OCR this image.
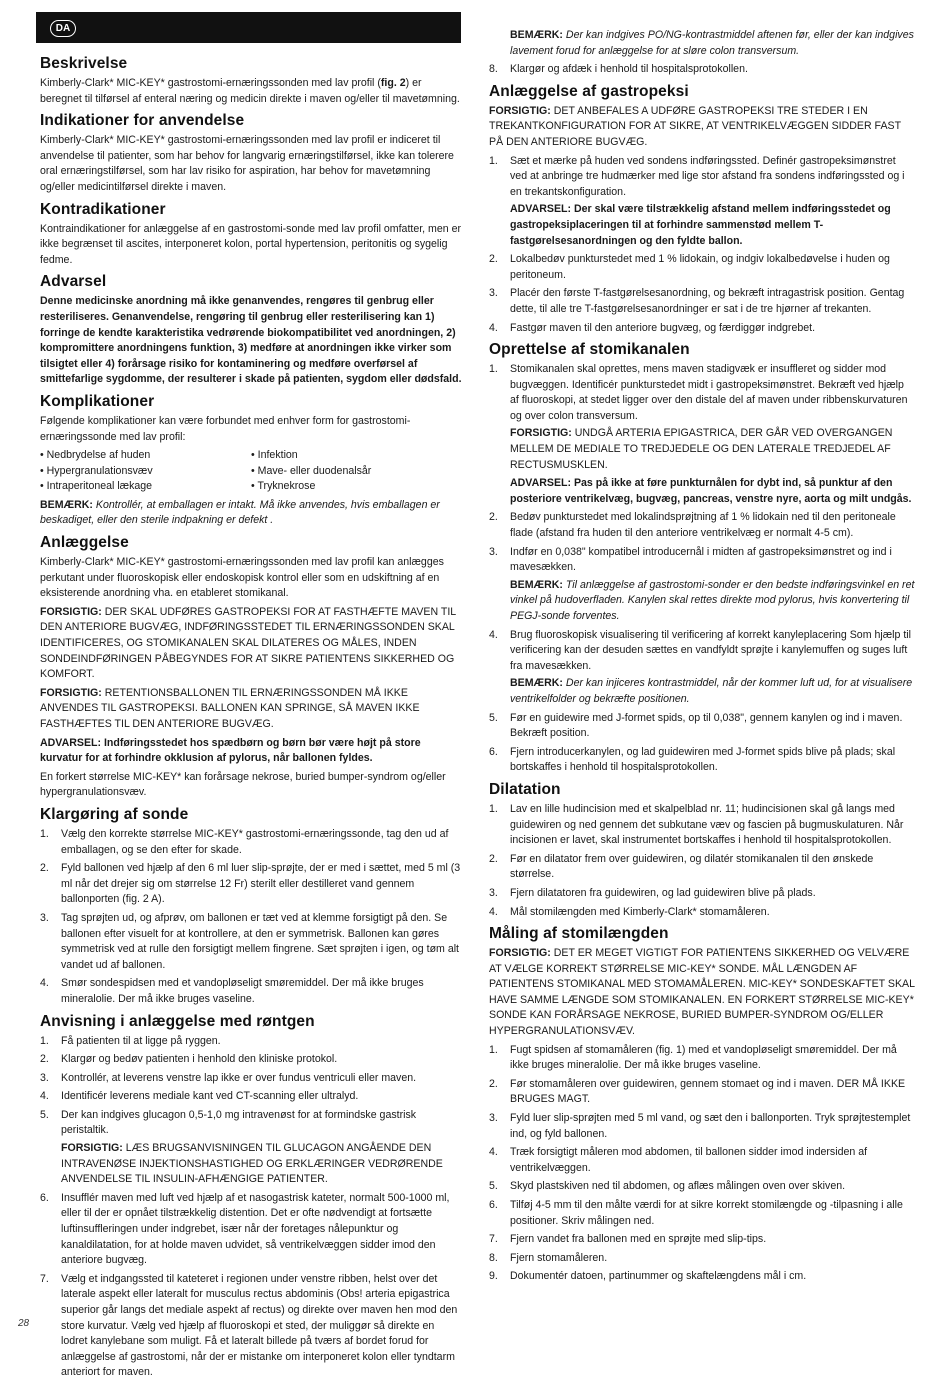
DA
Beskrivelse

Kimberly-Clark* MIC-KEY* gastrostomi-ernæringssonden med lav profil (fig. 2) er beregnet til tilførsel af enteral næring og medicin direkte i maven og/eller til mavetømning.

Indikationer for anvendelse

Kimberly-Clark* MIC-KEY* gastrostomi-ernæringssonden med lav profil er indiceret til anvendelse til patienter, som har behov for langvarig ernæringstilførsel, ikke kan tolerere oral ernæringstilførsel, som har lav risiko for aspiration, har behov for mavetømning og/eller medicintilførsel direkte i maven.

Kontradikationer

Kontraindikationer for anlæggelse af en gastrostomi-sonde med lav profil omfatter, men er ikke begrænset til ascites, interponeret kolon, portal hypertension, peritonitis og sygelig fedme.

Advarsel

Denne medicinske anordning må ikke genanvendes, rengøres til genbrug eller resteriliseres. Genanvendelse, rengøring til genbrug eller resterilisering kan 1) forringe de kendte karakteristika vedrørende biokompatibilitet ved anordningen, 2) kompromittere anordningens funktion, 3) medføre at anordningen ikke virker som tilsigtet eller 4) forårsage risiko for kontaminering og medføre overførsel af smittefarlige sygdomme, der resulterer i skade på patienten, sygdom eller dødsfald.

Komplikationer

Følgende komplikationer kan være forbundet med enhver form for gastrostomi-ernæringssonde med lav profil:

• Nedbrydelse af huden
• Hypergranulationsvæv
• Intraperitoneal lækage
• Infektion
• Mave- eller duodenalsår
• Tryknekrose

BEMÆRK: Kontrollér, at emballagen er intakt. Må ikke anvendes, hvis emballagen er beskadiget, eller den sterile indpakning er defekt .

Anlæggelse

Kimberly-Clark* MIC-KEY* gastrostomi-ernæringssonden med lav profil kan anlægges perkutant under fluoroskopisk eller endoskopisk kontrol eller som en udskiftning af en eksisterende anordning vha. en etableret stomikanal.

FORSIGTIG: DER SKAL UDFØRES GASTROPEKSI FOR AT FASTHÆFTE MAVEN TIL DEN ANTERIORE BUGVÆG, INDFØRINGSSTEDET TIL ERNÆRINGSSONDEN SKAL IDENTIFICERES, OG STOMIKANALEN SKAL DILATERES OG MÅLES, INDEN SONDEINDFØRINGEN PÅBEGYNDES FOR AT SIKRE PATIENTENS SIKKERHED OG KOMFORT.

FORSIGTIG: RETENTIONSBALLONEN TIL ERNÆRINGSSONDEN MÅ IKKE ANVENDES TIL GASTROPEKSI. BALLONEN KAN SPRINGE, SÅ MAVEN IKKE FASTHÆFTES TIL DEN ANTERIORE BUGVÆG.

ADVARSEL: Indføringsstedet hos spædbørn og børn bør være højt på store kurvatur for at forhindre okklusion af pylorus, når ballonen fyldes.

En forkert størrelse MIC-KEY* kan forårsage nekrose, buried bumper-syndrom og/eller hypergranulationsvæv.

Klargøring af sonde
1. Vælg den korrekte størrelse MIC-KEY* gastrostomi-ernæringssonde, tag den ud af emballagen, og se den efter for skade.
2. Fyld ballonen ved hjælp af den 6 ml luer slip-sprøjte, der er med i sættet, med 5 ml (3 ml når det drejer sig om størrelse 12 Fr) sterilt eller destilleret vand gennem ballonporten (fig. 2 A).
3. Tag sprøjten ud, og afprøv, om ballonen er tæt ved at klemme forsigtigt på den. Se ballonen efter visuelt for at kontrollere, at den er symmetrisk. Ballonen kan gøres symmetrisk ved at rulle den forsigtigt mellem fingrene. Sæt sprøjten i igen, og tøm alt vandet ud af ballonen.
4. Smør sondespidsen med et vandopløseligt smøremiddel. Der må ikke bruges mineralolie. Der må ikke bruges vaseline.
Anvisning i anlæggelse med røntgen
1. Få patienten til at ligge på ryggen.
2. Klargør og bedøv patienten i henhold den kliniske protokol.
3. Kontrollér, at leverens venstre lap ikke er over fundus ventriculi eller maven.
4. Identificér leverens mediale kant ved CT-scanning eller ultralyd.
5. Der kan indgives glucagon 0,5-1,0 mg intravenøst for at formindske gastrisk peristaltik.
FORSIGTIG: LÆS BRUGSANVISNINGEN TIL GLUCAGON ANGÅENDE DEN INTRAVENØSE INJEKTIONSHASTIGHED OG ERKLÆRINGER VEDRØRENDE ANVENDELSE TIL INSULIN-AFHÆNGIGE PATIENTER.
6. Insufflér maven med luft ved hjælp af et nasogastrisk kateter, normalt 500-1000 ml, eller til der er opnået tilstrækkelig distention. Det er ofte nødvendigt at fortsætte luftinsuffleringen under indgrebet, især når der foretages nålepunktur og kanaldilatation, for at holde maven udvidet, så ventrikelvæggen sidder imod den anteriore bugvæg.
7. Vælg et indgangssted til kateteret i regionen under venstre ribben, helst over det laterale aspekt eller lateralt for musculus rectus abdominis (Obs! arteria epigastrica superior går langs det mediale aspekt af rectus) og direkte over maven hen mod den store kurvatur. Vælg ved hjælp af fluoroskopi et sted, der muliggør så direkte en lodret kanylebane som muligt. Få et lateralt billede på tværs af bordet forud for anlæggelse af gastrostomi, når der er mistanke om interponeret kolon eller tyndtarm anteriort for maven.

BEMÆRK: Der kan indgives PO/NG-kontrastmiddel aftenen før, eller der kan indgives lavement forud for anlæggelse for at sløre colon transversum.

8. Klargør og afdæk i henhold til hospitalsprotokollen.
Anlæggelse af gastropeksi

FORSIGTIG: DET ANBEFALES A UDFØRE GASTROPEKSI TRE STEDER I EN TREKANTKONFIGURATION FOR AT SIKRE, AT VENTRIKELVÆGGEN SIDDER FAST PÅ DEN ANTERIORE BUGVÆG.

1. Sæt et mærke på huden ved sondens indføringssted. Definér gastropeksimønstret ved at anbringe tre hudmærker med lige stor afstand fra sondens indføringssted og i en trekantskonfiguration.
ADVARSEL: Der skal være tilstrækkelig afstand mellem indføringsstedet og gastropeksiplaceringen til at forhindre sammenstød mellem T-fastgørelsesanordningen og den fyldte ballon.
2. Lokalbedøv punkturstedet med 1 % lidokain, og indgiv lokalbedøvelse i huden og peritoneum.
3. Placér den første T-fastgørelsesanordning, og bekræft intragastrisk position. Gentag dette, til alle tre T-fastgørelsesanordninger er sat i de tre hjørner af trekanten.
4. Fastgør maven til den anteriore bugvæg, og færdiggør indgrebet.
Oprettelse af stomikanalen
1. Stomikanalen skal oprettes, mens maven stadigvæk er insuffleret og sidder mod bugvæggen. Identificér punkturstedet midt i gastropeksimønstret. Bekræft ved hjælp af fluoroskopi, at stedet ligger over den distale del af maven under ribbenskurvaturen og over colon transversum.
FORSIGTIG: UNDGÅ ARTERIA EPIGASTRICA, DER GÅR VED OVERGANGEN MELLEM DE MEDIALE TO TREDJEDELE OG DEN LATERALE TREDJEDEL AF RECTUSMUSKLEN.
ADVARSEL: Pas på ikke at føre punkturnålen for dybt ind, så punktur af den posteriore ventrikelvæg, bugvæg, pancreas, venstre nyre, aorta og milt undgås.
2. Bedøv punkturstedet med lokalindsprøjtning af 1 % lidokain ned til den peritoneale flade (afstand fra huden til den anteriore ventrikelvæg er normalt 4-5 cm).
3. Indfør en 0,038" kompatibel introducernål i midten af gastropeksimønstret og ind i mavesækken.
BEMÆRK: Til anlæggelse af gastrostomi-sonder er den bedste indføringsvinkel en ret vinkel på hudoverfladen. Kanylen skal rettes direkte mod pylorus, hvis konvertering til PEGJ-sonde forventes.
4. Brug fluoroskopisk visualisering til verificering af korrekt kanyleplacering Som hjælp til verificering kan der desuden sættes en vandfyldt sprøjte i kanylemuffen og suges luft fra mavesækken.
BEMÆRK: Der kan injiceres kontrastmiddel, når der kommer luft ud, for at visualisere ventrikelfolder og bekræfte positionen.
5. Før en guidewire med J-formet spids, op til 0,038", gennem kanylen og ind i maven. Bekræft position.
6. Fjern introducerkanylen, og lad guidewiren med J-formet spids blive på plads; skal bortskaffes i henhold til hospitalsprotokollen.
Dilatation
1. Lav en lille hudincision med et skalpelblad nr. 11; hudincisionen skal gå langs med guidewiren og ned gennem det subkutane væv og fascien på bugmuskulaturen. Når incisionen er lavet, skal instrumentet bortskaffes i henhold til hospitalsprotokollen.
2. Før en dilatator frem over guidewiren, og dilatér stomikanalen til den ønskede størrelse.
3. Fjern dilatatoren fra guidewiren, og lad guidewiren blive på plads.
4. Mål stomilængden med Kimberly-Clark* stomamåleren.
Måling af stomilængden

FORSIGTIG: DET ER MEGET VIGTIGT FOR PATIENTENS SIKKERHED OG VELVÆRE AT VÆLGE KORREKT STØRRELSE MIC-KEY* SONDE. MÅL LÆNGDEN AF PATIENTENS STOMIKANAL MED STOMAMÅLEREN. MIC-KEY* SONDESKAFTET SKAL HAVE SAMME LÆNGDE SOM STOMIKANALEN. EN FORKERT STØRRELSE MIC-KEY* SONDE KAN FORÅRSAGE NEKROSE, BURIED BUMPER-SYNDROM OG/ELLER HYPERGRANULATIONSVÆV.

1. Fugt spidsen af stomamåleren (fig. 1) med et vandopløseligt smøremiddel. Der må ikke bruges mineralolie. Der må ikke bruges vaseline.
2. Før stomamåleren over guidewiren, gennem stomaet og ind i maven. DER MÅ IKKE BRUGES MAGT.
3. Fyld luer slip-sprøjten med 5 ml vand, og sæt den i ballonporten. Tryk sprøjtestemplet ind, og fyld ballonen.
4. Træk forsigtigt måleren mod abdomen, til ballonen sidder imod indersiden af ventrikelvæggen.
5. Skyd plastskiven ned til abdomen, og aflæs målingen oven over skiven.
6. Tilføj 4-5 mm til den målte værdi for at sikre korrekt stomilængde og -tilpasning i alle positioner. Skriv målingen ned.
7. Fjern vandet fra ballonen med en sprøjte med slip-tips.
8. Fjern stomamåleren.
9. Dokumentér datoen, partinummer og skaftelængdens mål i cm.
28
